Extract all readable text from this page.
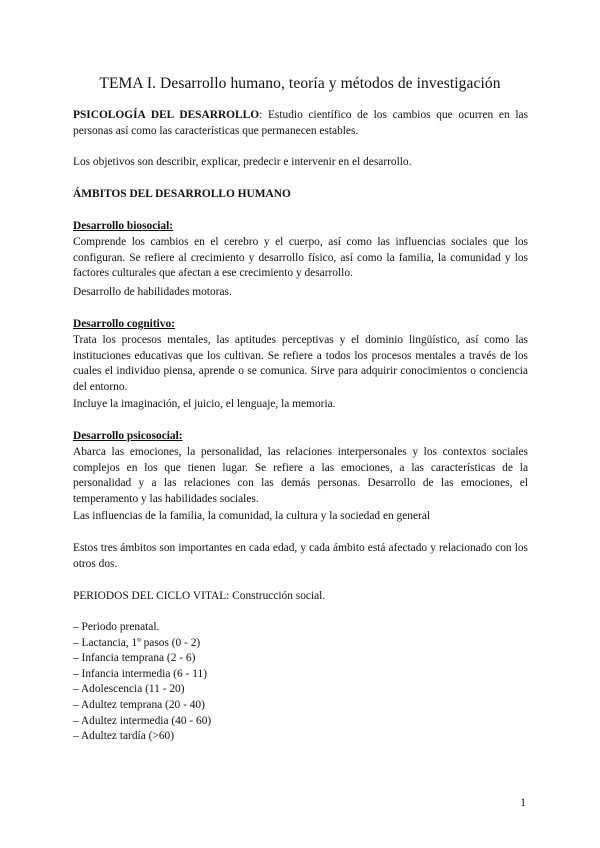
TEMA I. Desarrollo humano, teoría y métodos de investigación

PSICOLOGÍA DEL DESARROLLO: Estudio científico de los cambios que ocurren en las personas así como las características que permanecen estables.

Los objetivos son describir, explicar, predecir e intervenir en el desarrollo.

ÁMBITOS DEL DESARROLLO HUMANO

Desarrollo biosocial:

Comprende los cambios en el cerebro y el cuerpo, así como las influencias sociales que los configuran. Se refiere al crecimiento y desarrollo físico, así como la familia, la comunidad y los factores culturales que afectan a ese crecimiento y desarrollo.

Desarrollo de habilidades motoras.

Desarrollo cognitivo:

Trata los procesos mentales, las aptitudes perceptivas y el dominio lingüístico, así como las instituciones educativas que los cultivan. Se refiere a todos los procesos mentales a través de los cuales el individuo piensa, aprende o se comunica. Sirve para adquirir conocimientos o conciencia del entorno.

Incluye la imaginación, el juicio, el lenguaje, la memoria.

Desarrollo psicosocial:

Abarca las emociones, la personalidad, las relaciones interpersonales y los contextos sociales complejos en los que tienen lugar. Se refiere a las emociones, a las características de la personalidad y a las relaciones con las demás personas. Desarrollo de las emociones, el temperamento y las habilidades sociales.

Las influencias de la familia, la comunidad, la cultura y la sociedad en general

Estos tres ámbitos son importantes en cada edad, y cada ámbito está afectado y relacionado con los otros dos.

PERIODOS DEL CICLO VITAL: Construcción social.

– Periodo prenatal.
– Lactancia, 1º pasos (0 - 2)
– Infancia temprana (2 - 6)
– Infancia intermedia (6 - 11)
– Adolescencia (11 - 20)
– Adultez temprana (20 - 40)
– Adultez intermedia (40 - 60)
– Adultez tardía (>60)
1
